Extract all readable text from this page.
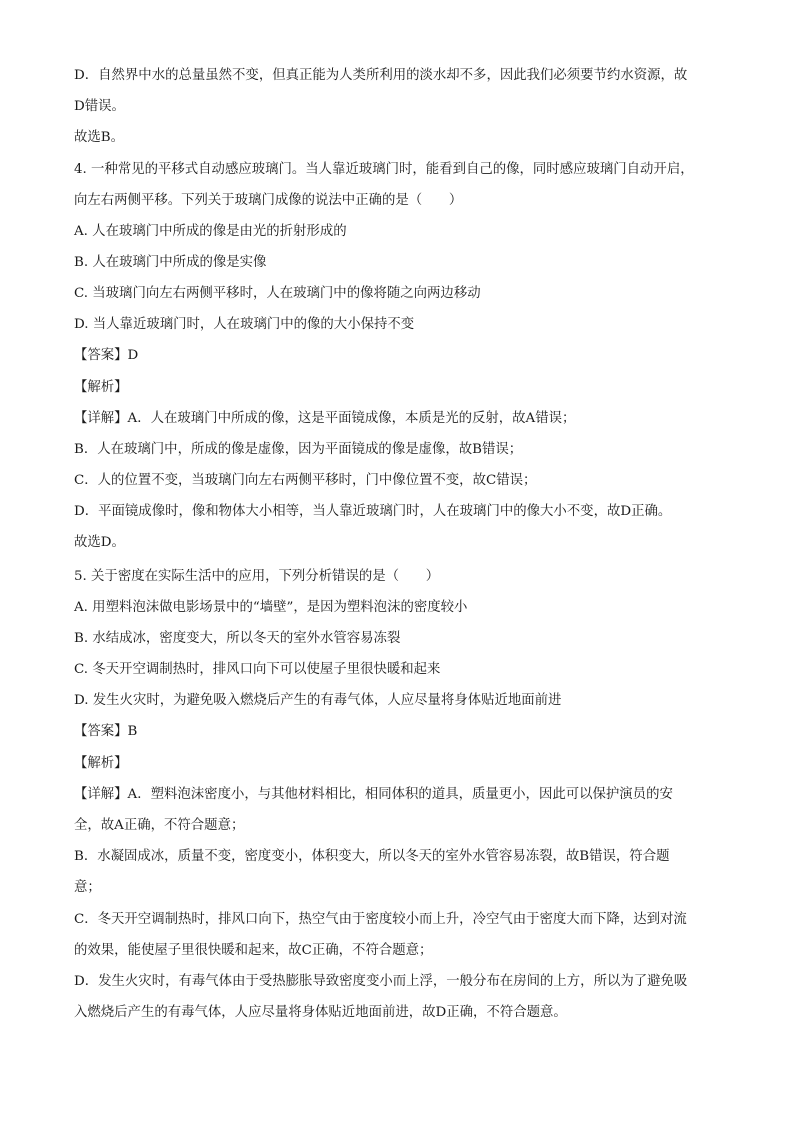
D．自然界中水的总量虽然不变，但真正能为人类所利用的淡水却不多，因此我们必须要节约水资源，故
D错误。
故选B。
4. 一种常见的平移式自动感应玻璃门。当人靠近玻璃门时，能看到自己的像，同时感应玻璃门自动开启，
向左右两侧平移。下列关于玻璃门成像的说法中正确的是（　　）
A. 人在玻璃门中所成的像是由光的折射形成的
B. 人在玻璃门中所成的像是实像
C. 当玻璃门向左右两侧平移时，人在玻璃门中的像将随之向两边移动
D. 当人靠近玻璃门时，人在玻璃门中的像的大小保持不变
【答案】D
【解析】
【详解】A．人在玻璃门中所成的像，这是平面镜成像，本质是光的反射，故A错误；
B．人在玻璃门中，所成的像是虚像，因为平面镜成的像是虚像，故B错误；
C．人的位置不变，当玻璃门向左右两侧平移时，门中像位置不变，故C错误；
D．平面镜成像时，像和物体大小相等，当人靠近玻璃门时，人在玻璃门中的像大小不变，故D正确。
故选D。
5. 关于密度在实际生活中的应用，下列分析错误的是（　　）
A. 用塑料泡沫做电影场景中的“墙壁”，是因为塑料泡沫的密度较小
B. 水结成冰，密度变大，所以冬天的室外水管容易冻裂
C. 冬天开空调制热时，排风口向下可以使屋子里很快暖和起来
D. 发生火灾时，为避免吸入燃烧后产生的有毒气体，人应尽量将身体贴近地面前进
【答案】B
【解析】
【详解】A．塑料泡沫密度小，与其他材料相比，相同体积的道具，质量更小，因此可以保护演员的安
全，故A正确，不符合题意；
B．水凝固成冰，质量不变，密度变小，体积变大，所以冬天的室外水管容易冻裂，故B错误，符合题
意；
C．冬天开空调制热时，排风口向下，热空气由于密度较小而上升，冷空气由于密度大而下降，达到对流
的效果，能使屋子里很快暖和起来，故C正确，不符合题意；
D．发生火灾时，有毒气体由于受热膨胀导致密度变小而上浮，一般分布在房间的上方，所以为了避免吸
入燃烧后产生的有毒气体，人应尽量将身体贴近地面前进，故D正确，不符合题意。
